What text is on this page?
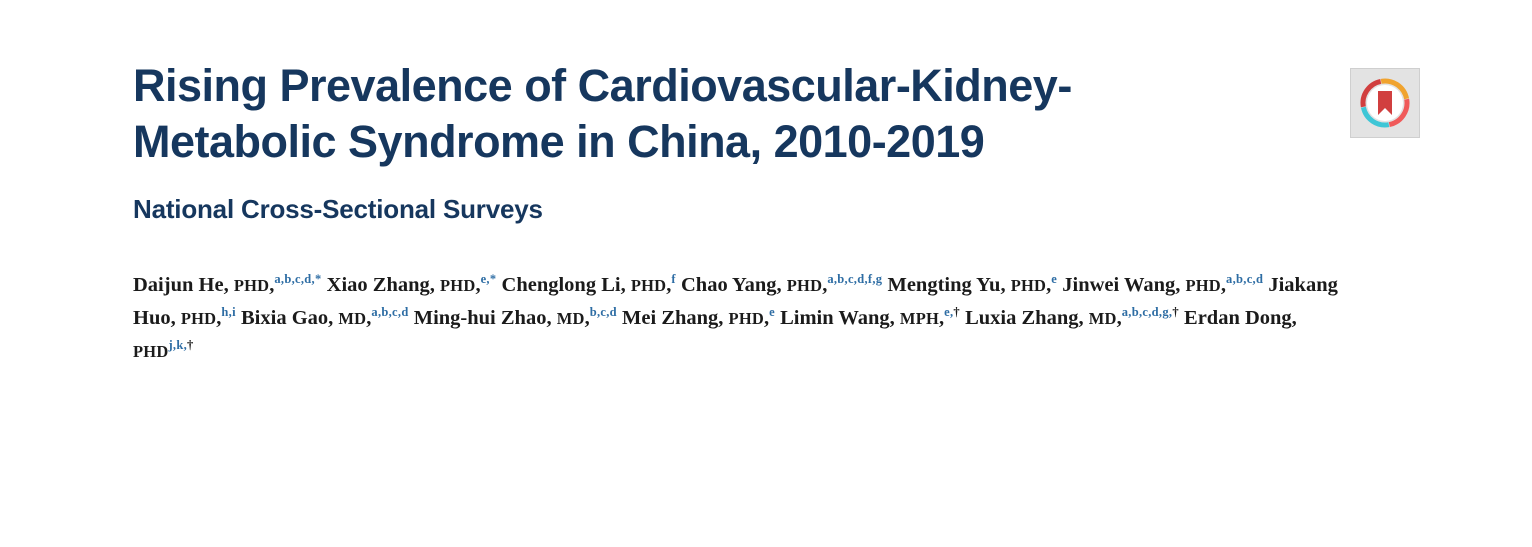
Rising Prevalence of Cardiovascular-Kidney-Metabolic Syndrome in China, 2010-2019
National Cross-Sectional Surveys
Daijun He, PHD,$^{a,b,c,d,*}$ Xiao Zhang, PHD,$^{e,*}$ Chenglong Li, PHD,$^f$ Chao Yang, PHD,$^{a,b,c,d,f,g}$ Mengting Yu, PHD,$^e$ Jinwei Wang, PHD,$^{a,b,c,d}$ Jiakang Huo, PHD,$^{h,i}$ Bixia Gao, MD,$^{a,b,c,d}$ Ming-hui Zhao, MD,$^{b,c,d}$ Mei Zhang, PHD,$^e$ Limin Wang, MPH,$^{e,\dagger}$ Luxia Zhang, MD,$^{a,b,c,d,g,\dagger}$ Erdan Dong, $PHD^{j,k,\dagger}$
